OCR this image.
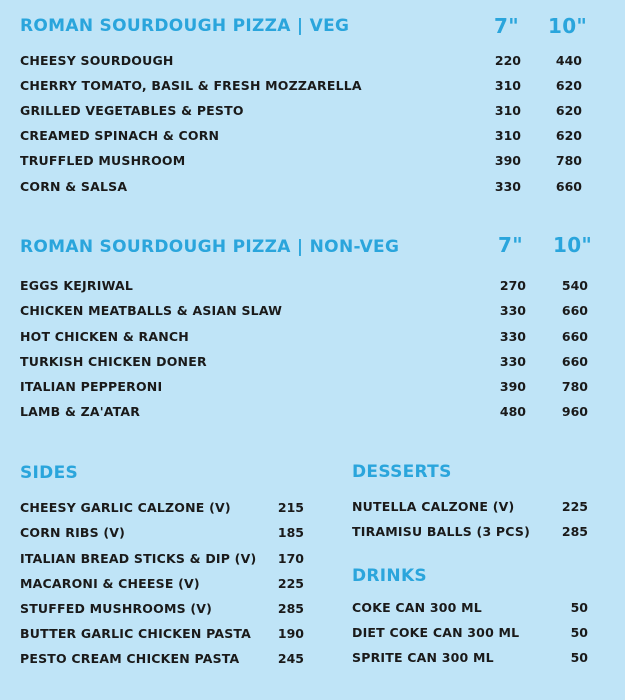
ROMAN SOURDOUGH PIZZA | VEG	7" 10"
CHEESY SOURDOUGH	220	440
CHERRY TOMATO, BASIL & FRESH MOZZARELLA	310	620
GRILLED VEGETABLES & PESTO	310	620
CREAMED SPINACH & CORN	310	620
TRUFFLED MUSHROOM	390	780
CORN & SALSA	330	660
ROMAN SOURDOUGH PIZZA | NON-VEG	7" 10"
EGGS KEJRIWAL	270	540
CHICKEN MEATBALLS & ASIAN SLAW	330	660
HOT CHICKEN & RANCH	330	660
TURKISH CHICKEN DONER	330	660
ITALIAN PEPPERONI	390	780
LAMB & ZA'ATAR	480	960
SIDES
CHEESY GARLIC CALZONE (V)	215
CORN RIBS (V)	185
ITALIAN BREAD STICKS & DIP (V)	170
MACARONI & CHEESE (V)	225
STUFFED MUSHROOMS (V)	285
BUTTER GARLIC CHICKEN PASTA	190
PESTO CREAM CHICKEN PASTA	245
DESSERTS
NUTELLA CALZONE (V)	225
TIRAMISU BALLS (3 PCS)	285
DRINKS
COKE CAN 300 ML	50
DIET COKE CAN 300 ML	50
SPRITE CAN 300 ML	50
